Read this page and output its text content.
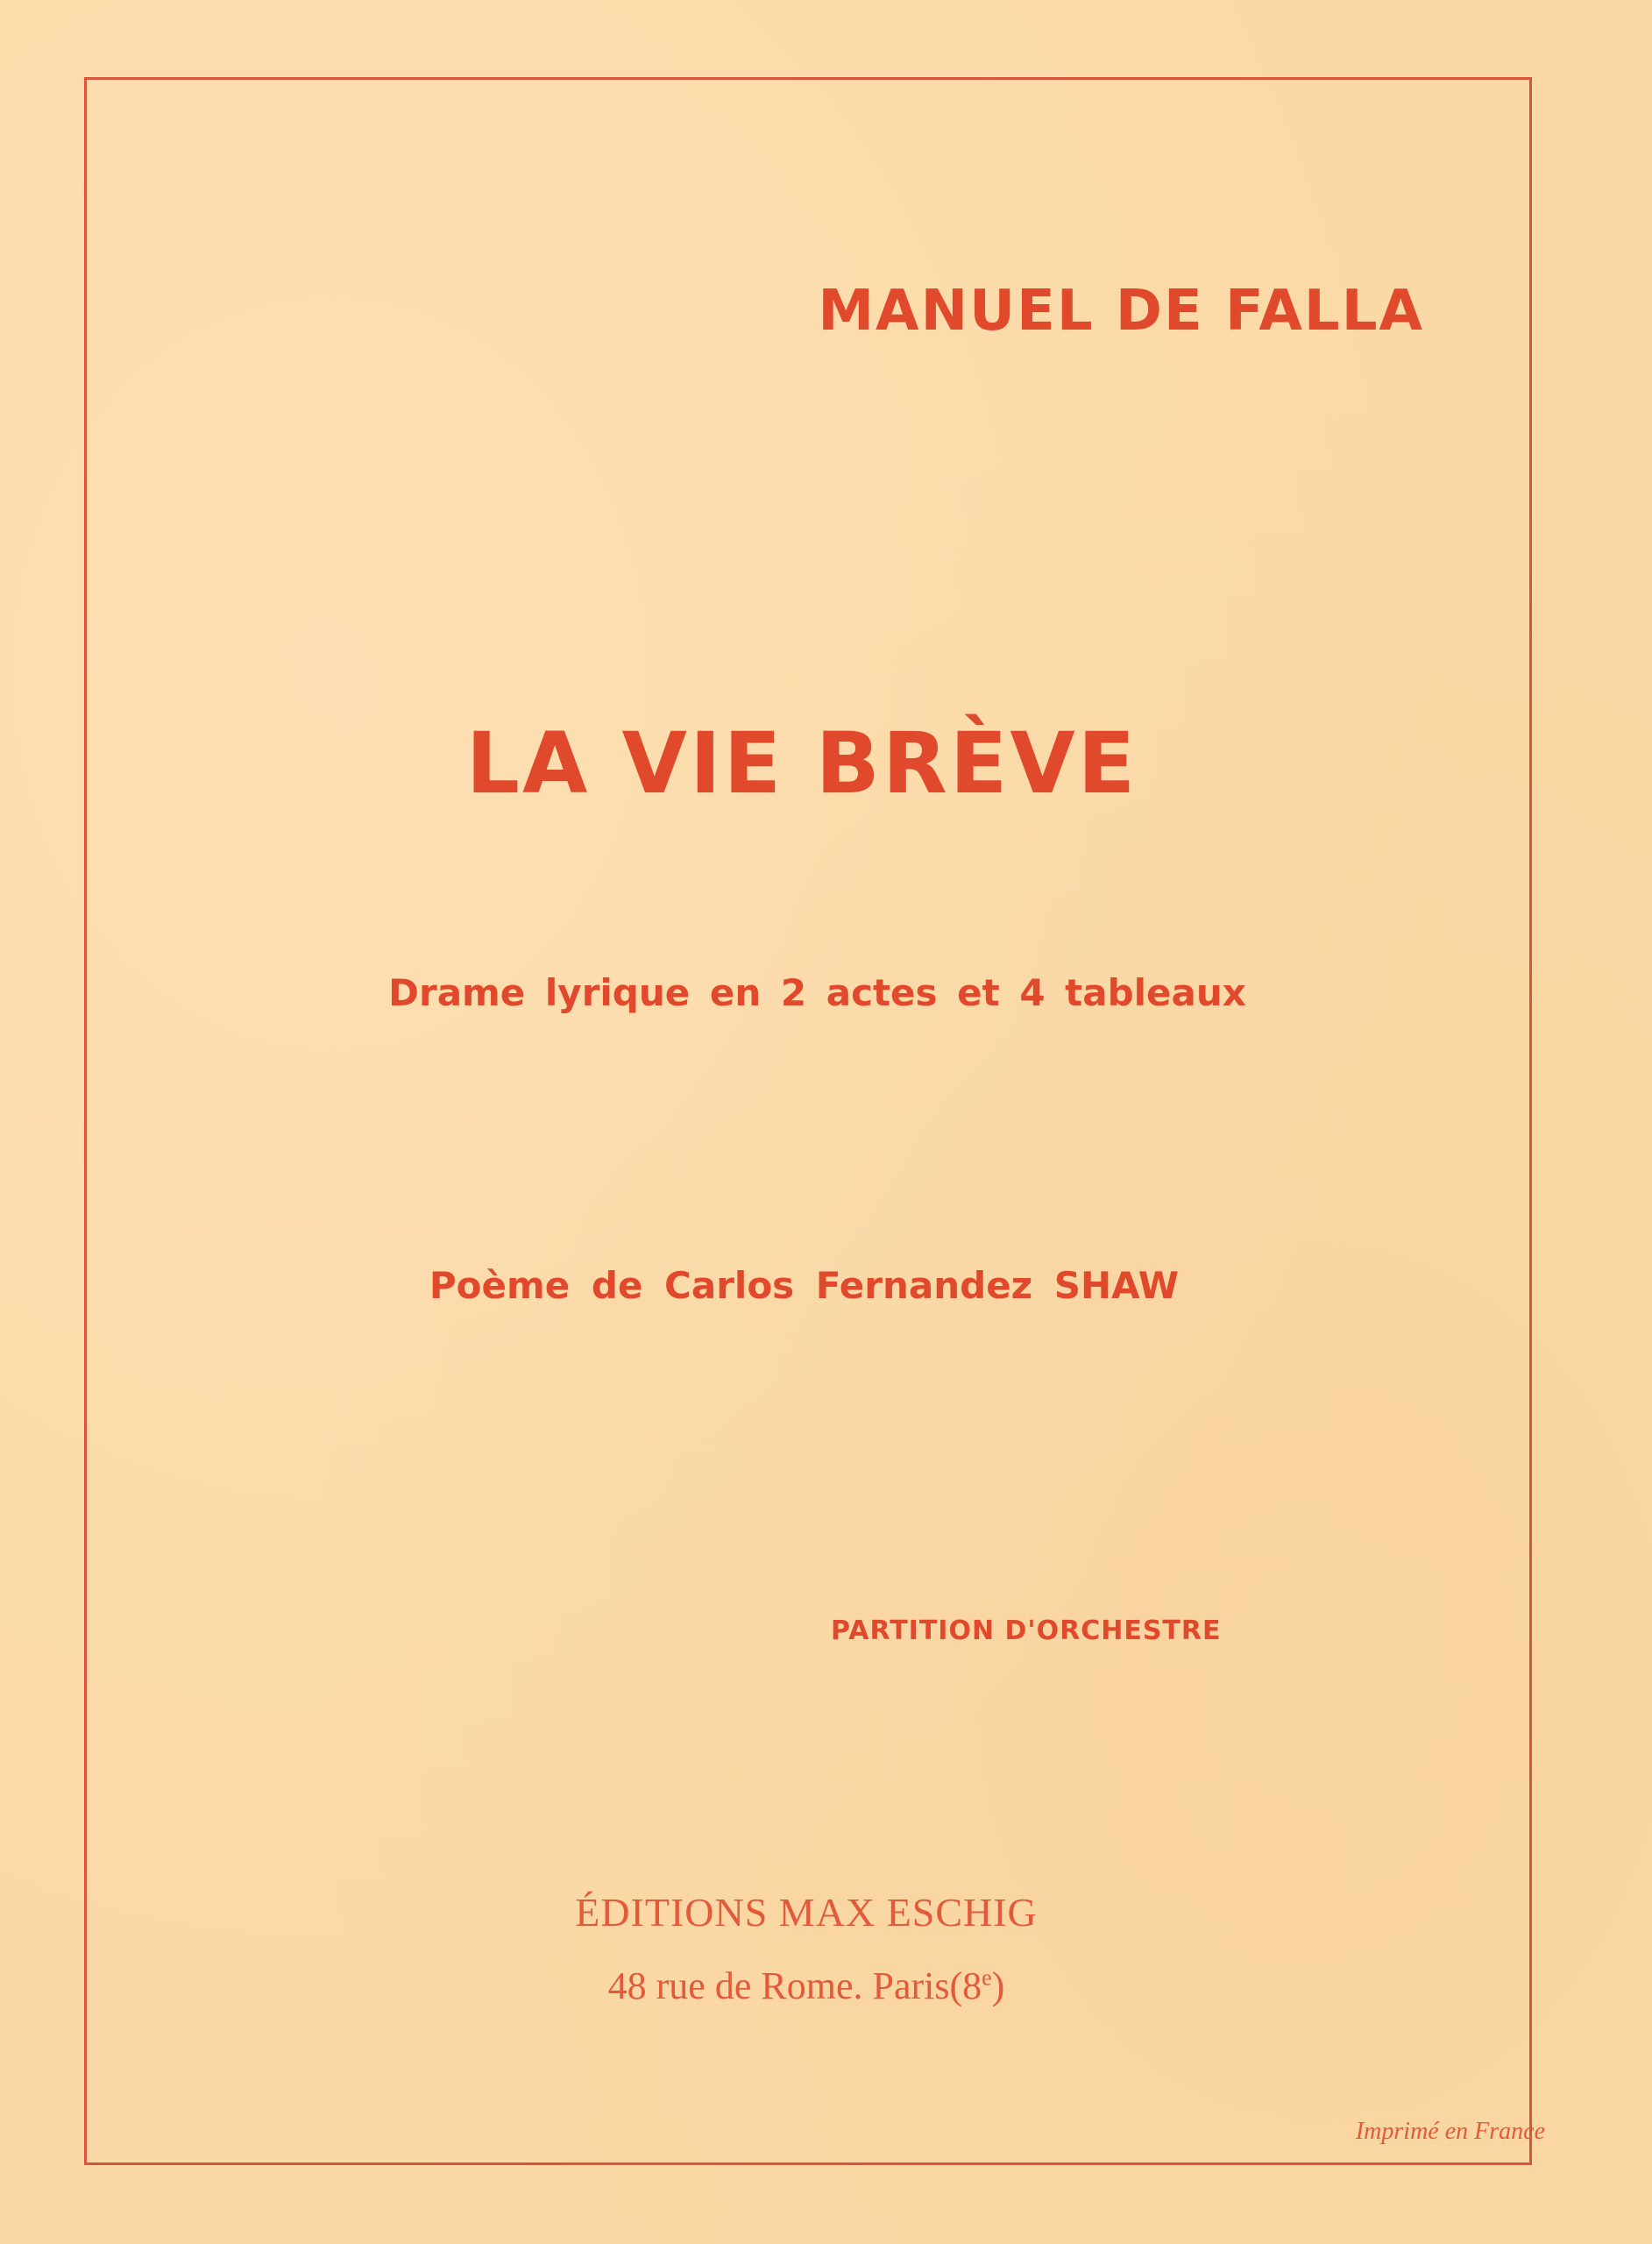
MANUEL DE FALLA
LA VIE BRÈVE
Drame lyrique en 2 actes et 4 tableaux
Poème de Carlos Fernandez SHAW
PARTITION D'ORCHESTRE
ÉDITIONS MAX ESCHIG
48 rue de Rome. Paris(8e)
Imprimé en France
